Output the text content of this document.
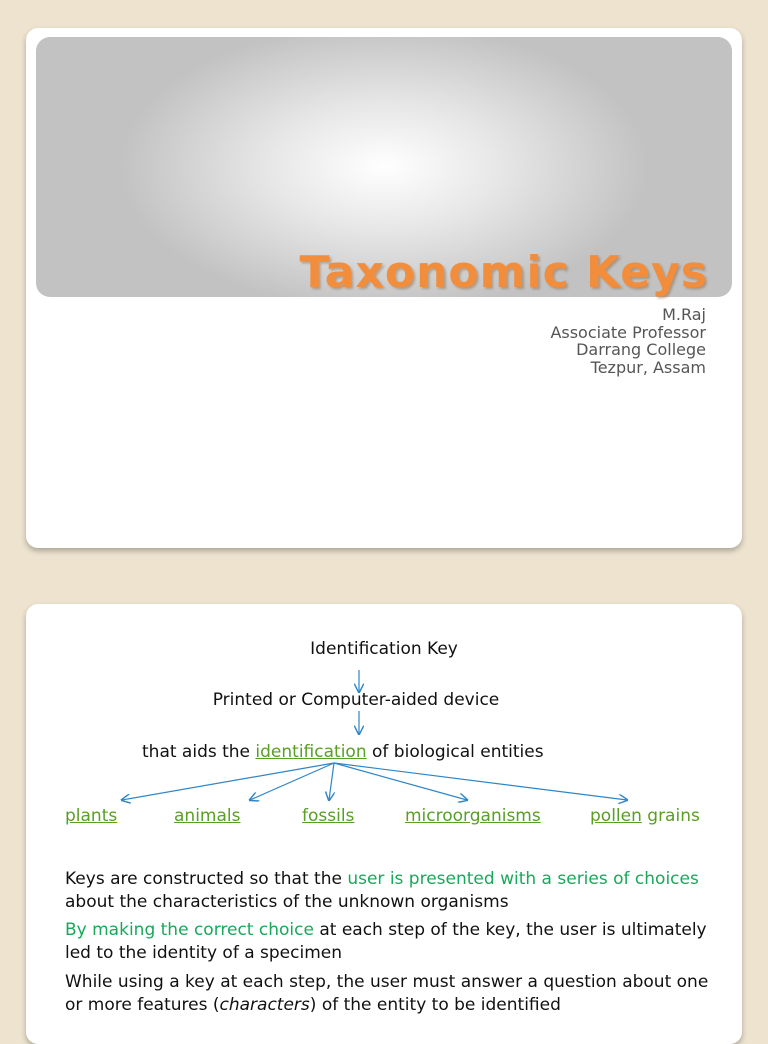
Taxonomic Keys
M.Raj
Associate Professor
Darrang College
Tezpur, Assam
Identification Key
Printed or Computer-aided device
that aids the identification of biological entities
plants	animals	fossils	microorganisms	pollen grains
Keys are constructed so that the user is presented with a series of choices about the characteristics of the unknown organisms
By making the correct choice at each step of the key, the user is ultimately led to the identity of a specimen
While using a key at each step, the user must answer a question about one or more features (characters) of the entity to be identified
